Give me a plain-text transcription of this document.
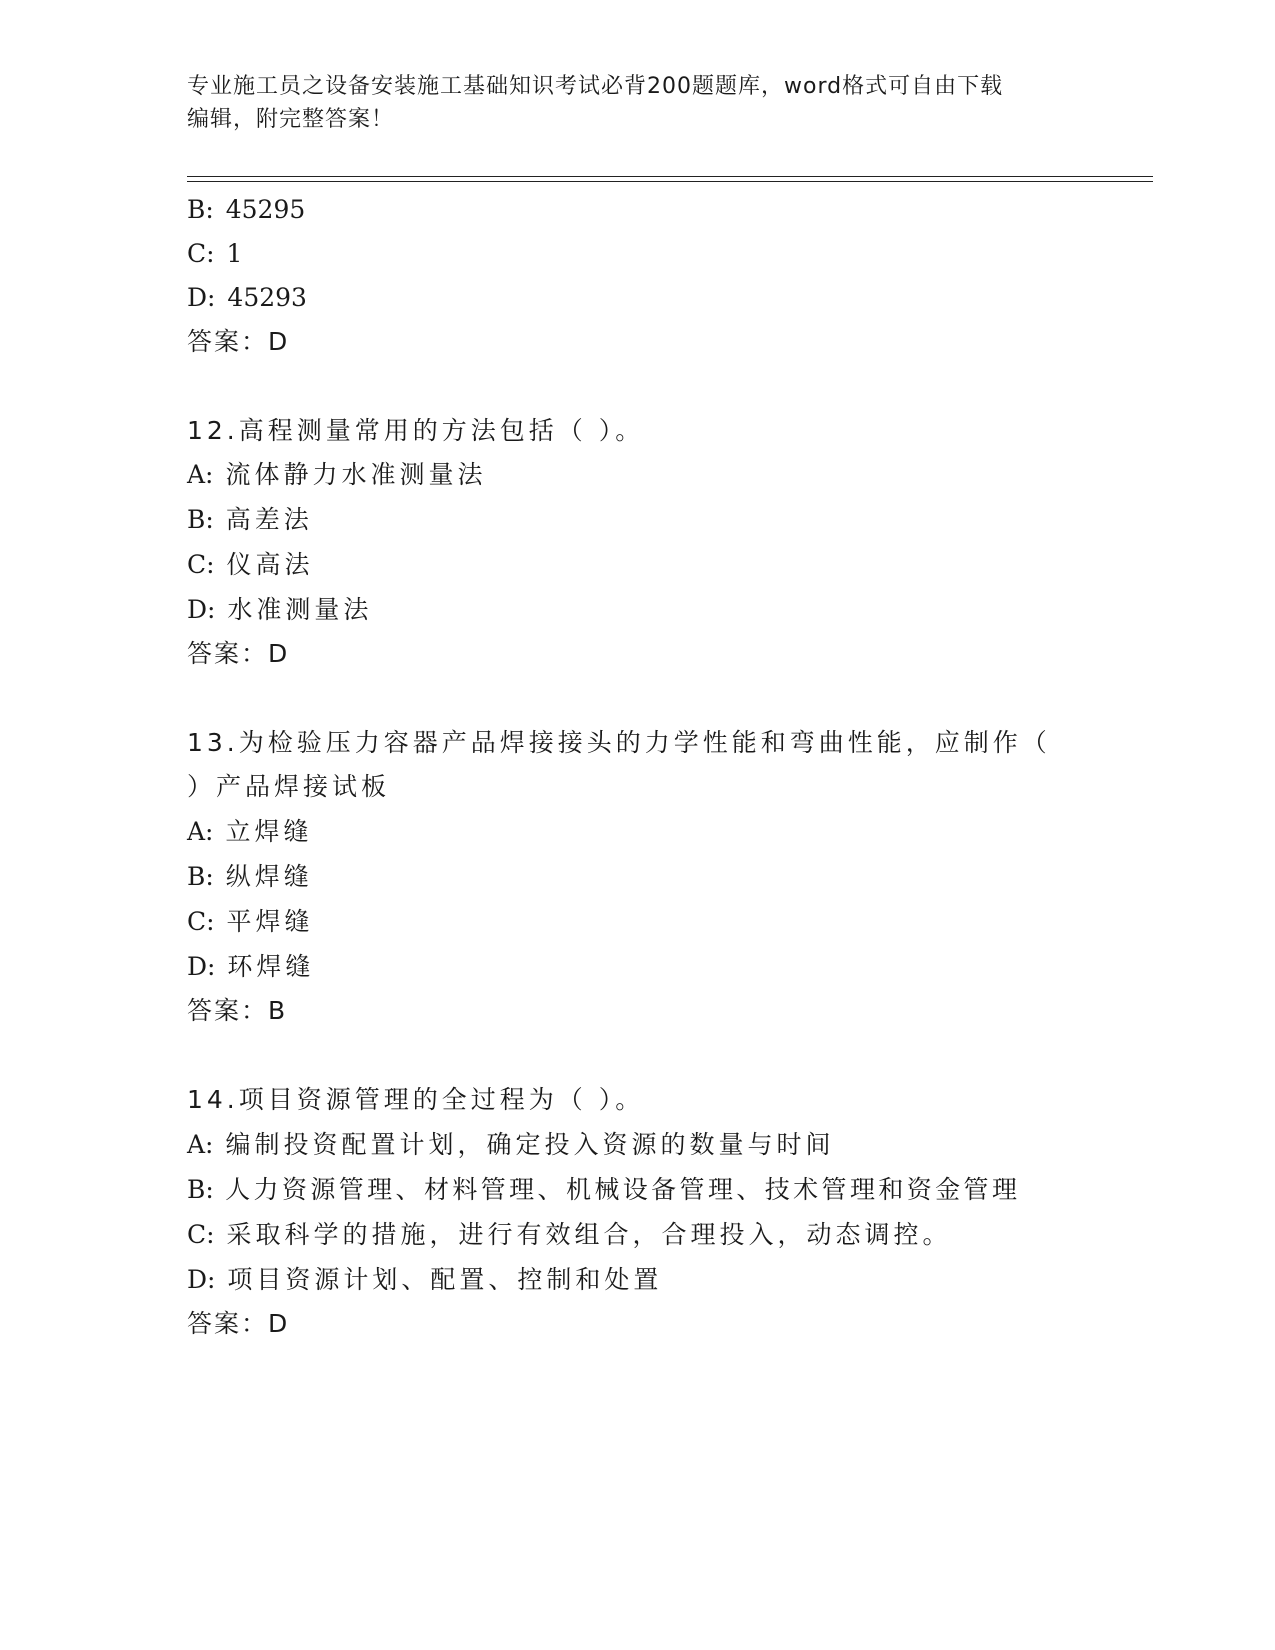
专业施工员之设备安装施工基础知识考试必背200题题库，word格式可自由下载
编辑，附完整答案！
B: 45295
C: 1
D: 45293
答案：D
12.高程测量常用的方法包括（ ）。
A: 流体静力水准测量法
B: 高差法
C: 仪高法
D: 水准测量法
答案：D
13.为检验压力容器产品焊接接头的力学性能和弯曲性能，应制作（
）产品焊接试板
A: 立焊缝
B: 纵焊缝
C: 平焊缝
D: 环焊缝
答案：B
14.项目资源管理的全过程为（ ）。
A: 编制投资配置计划，确定投入资源的数量与时间
B: 人力资源管理、材料管理、机械设备管理、技术管理和资金管理
C: 采取科学的措施，进行有效组合，合理投入，动态调控。
D: 项目资源计划、配置、控制和处置
答案：D
